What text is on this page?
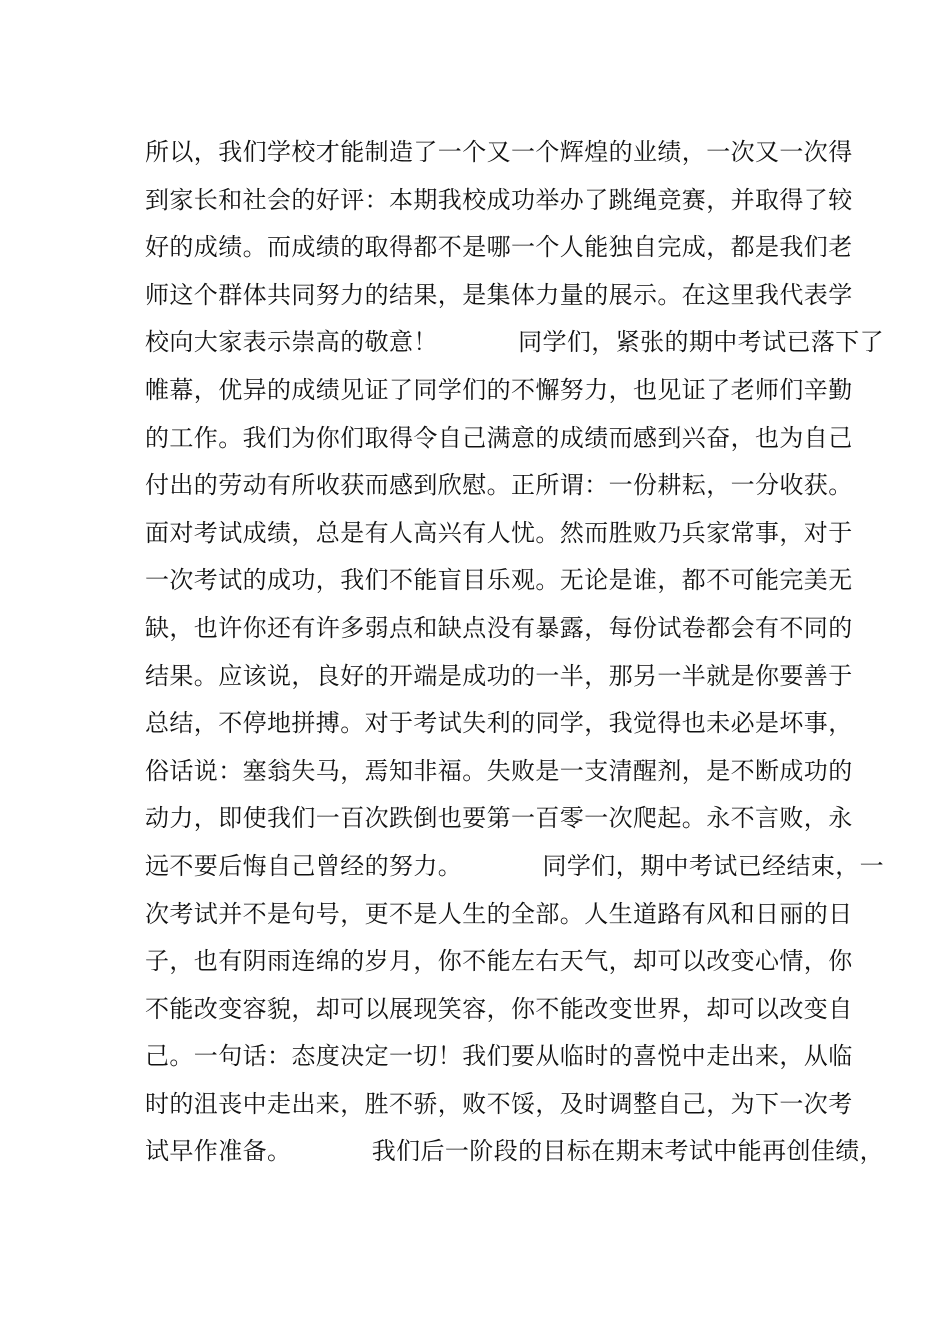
所以，我们学校才能制造了一个又一个辉煌的业绩，一次又一次得
到家长和社会的好评：本期我校成功举办了跳绳竞赛，并取得了较
好的成绩。而成绩的取得都不是哪一个人能独自完成，都是我们老
师这个群体共同努力的结果，是集体力量的展示。在这里我代表学
校向大家表示崇高的敬意！          同学们，紧张的期中考试已落下了
帷幕，优异的成绩见证了同学们的不懈努力，也见证了老师们辛勤
的工作。我们为你们取得令自己满意的成绩而感到兴奋，也为自己
付出的劳动有所收获而感到欣慰。正所谓：一份耕耘，一分收获。
面对考试成绩，总是有人高兴有人忧。然而胜败乃兵家常事，对于
一次考试的成功，我们不能盲目乐观。无论是谁，都不可能完美无
缺，也许你还有许多弱点和缺点没有暴露，每份试卷都会有不同的
结果。应该说，良好的开端是成功的一半，那另一半就是你要善于
总结，不停地拼搏。对于考试失利的同学，我觉得也未必是坏事，
俗话说：塞翁失马，焉知非福。失败是一支清醒剂，是不断成功的
动力，即使我们一百次跌倒也要第一百零一次爬起。永不言败，永
远不要后悔自己曾经的努力。          同学们，期中考试已经结束，一
次考试并不是句号，更不是人生的全部。人生道路有风和日丽的日
子，也有阴雨连绵的岁月，你不能左右天气，却可以改变心情，你
不能改变容貌，却可以展现笑容，你不能改变世界，却可以改变自
己。一句话：态度决定一切！我们要从临时的喜悦中走出来，从临
时的沮丧中走出来，胜不骄，败不馁，及时调整自己，为下一次考
试早作准备。          我们后一阶段的目标在期末考试中能再创佳绩，
